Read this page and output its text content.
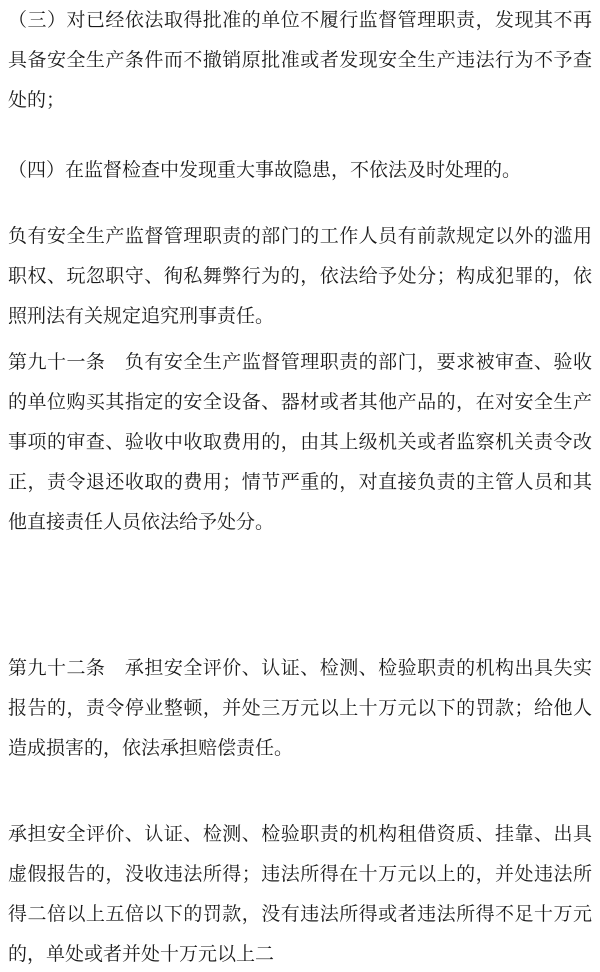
（三）对已经依法取得批准的单位不履行监督管理职责，发现其不再具备安全生产条件而不撤销原批准或者发现安全生产违法行为不予查处的；

（四）在监督检查中发现重大事故隐患，不依法及时处理的。

负有安全生产监督管理职责的部门的工作人员有前款规定以外的滥用职权、玩忽职守、徇私舞弊行为的，依法给予处分；构成犯罪的，依照刑法有关规定追究刑事责任。

第九十一条　负有安全生产监督管理职责的部门，要求被审查、验收的单位购买其指定的安全设备、器材或者其他产品的，在对安全生产事项的审查、验收中收取费用的，由其上级机关或者监察机关责令改正，责令退还收取的费用；情节严重的，对直接负责的主管人员和其他直接责任人员依法给予处分。

第九十二条　承担安全评价、认证、检测、检验职责的机构出具失实报告的，责令停业整顿，并处三万元以上十万元以下的罚款；给他人造成损害的，依法承担赔偿责任。

承担安全评价、认证、检测、检验职责的机构租借资质、挂靠、出具虚假报告的，没收违法所得；违法所得在十万元以上的，并处违法所得二倍以上五倍以下的罚款，没有违法所得或者违法所得不足十万元的，单处或者并处十万元以上二
